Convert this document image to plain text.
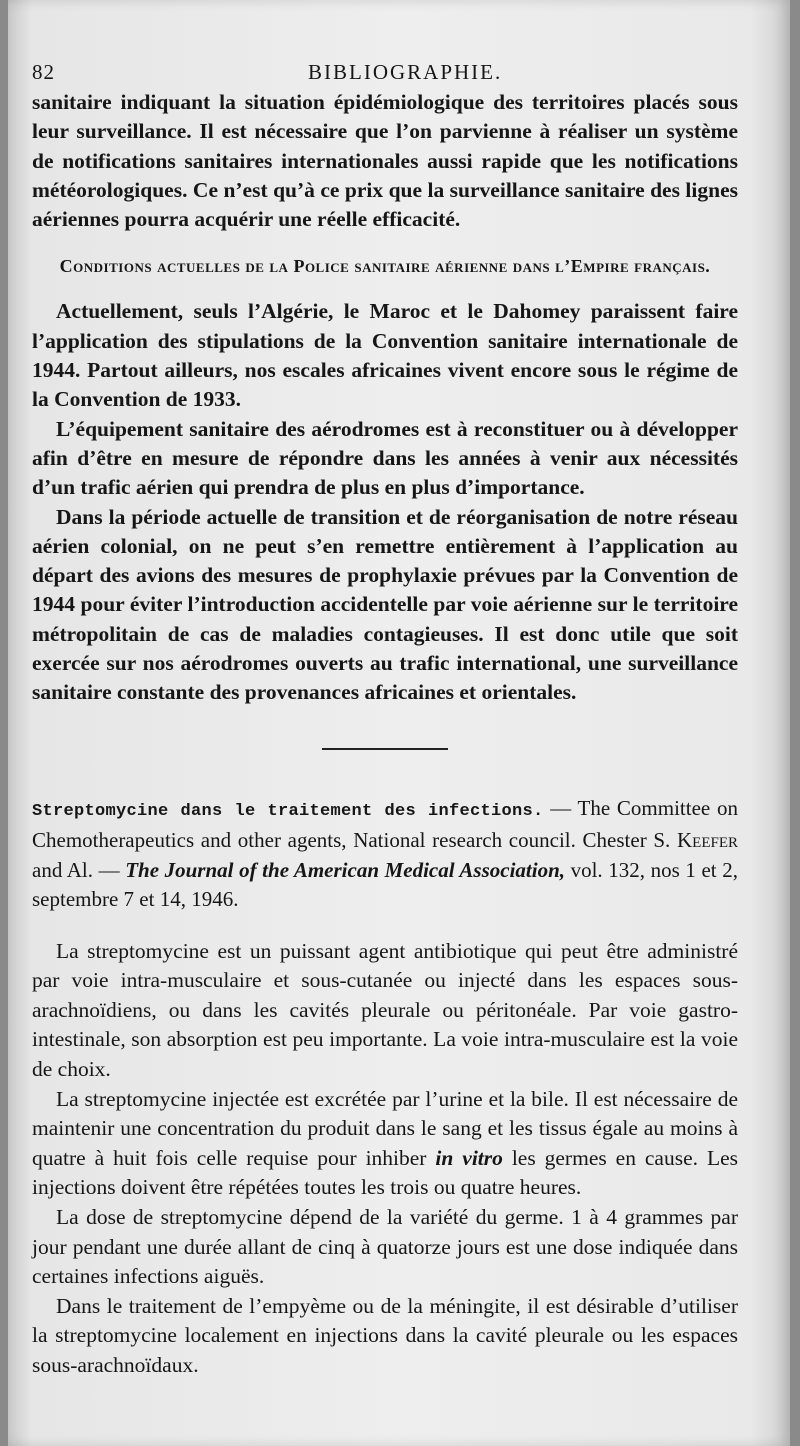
82	BIBLIOGRAPHIE.

sanitaire indiquant la situation épidémiologique des territoires placés sous leur surveillance. Il est nécessaire que l’on parvienne à réaliser un système de notifications sanitaires internationales aussi rapide que les notifications météorologiques. Ce n’est qu’à ce prix que la surveillance sanitaire des lignes aériennes pourra acquérir une réelle efficacité.

Conditions actuelles de la Police sanitaire aérienne dans l’Empire français.

Actuellement, seuls l’Algérie, le Maroc et le Dahomey paraissent faire l’application des stipulations de la Convention sanitaire internationale de 1944. Partout ailleurs, nos escales africaines vivent encore sous le régime de la Convention de 1933.

L’équipement sanitaire des aérodromes est à reconstituer ou à développer afin d’être en mesure de répondre dans les années à venir aux nécessités d’un trafic aérien qui prendra de plus en plus d’importance.

Dans la période actuelle de transition et de réorganisation de notre réseau aérien colonial, on ne peut s’en remettre entièrement à l’application au départ des avions des mesures de prophylaxie prévues par la Convention de 1944 pour éviter l’introduction accidentelle par voie aérienne sur le territoire métropolitain de cas de maladies contagieuses. Il est donc utile que soit exercée sur nos aérodromes ouverts au trafic international, une surveillance sanitaire constante des provenances africaines et orientales.

Streptomycine dans le traitement des infections. — The Committee on Chemotherapeutics and other agents, National research council. Chester S. Keefer and Al. — The Journal of the American Medical Association, vol. 132, nos 1 et 2, septembre 7 et 14, 1946.

La streptomycine est un puissant agent antibiotique qui peut être administré par voie intra-musculaire et sous-cutanée ou injecté dans les espaces sous-arachnoïdiens, ou dans les cavités pleurale ou péritonéale. Par voie gastro-intestinale, son absorption est peu importante. La voie intra-musculaire est la voie de choix.

La streptomycine injectée est excrétée par l’urine et la bile. Il est nécessaire de maintenir une concentration du produit dans le sang et les tissus égale au moins à quatre à huit fois celle requise pour inhiber in vitro les germes en cause. Les injections doivent être répétées toutes les trois ou quatre heures.

La dose de streptomycine dépend de la variété du germe. 1 à 4 grammes par jour pendant une durée allant de cinq à quatorze jours est une dose indiquée dans certaines infections aiguës.

Dans le traitement de l’empyème ou de la méningite, il est désirable d’utiliser la streptomycine localement en injections dans la cavité pleurale ou les espaces sous-arachnoïdaux.
